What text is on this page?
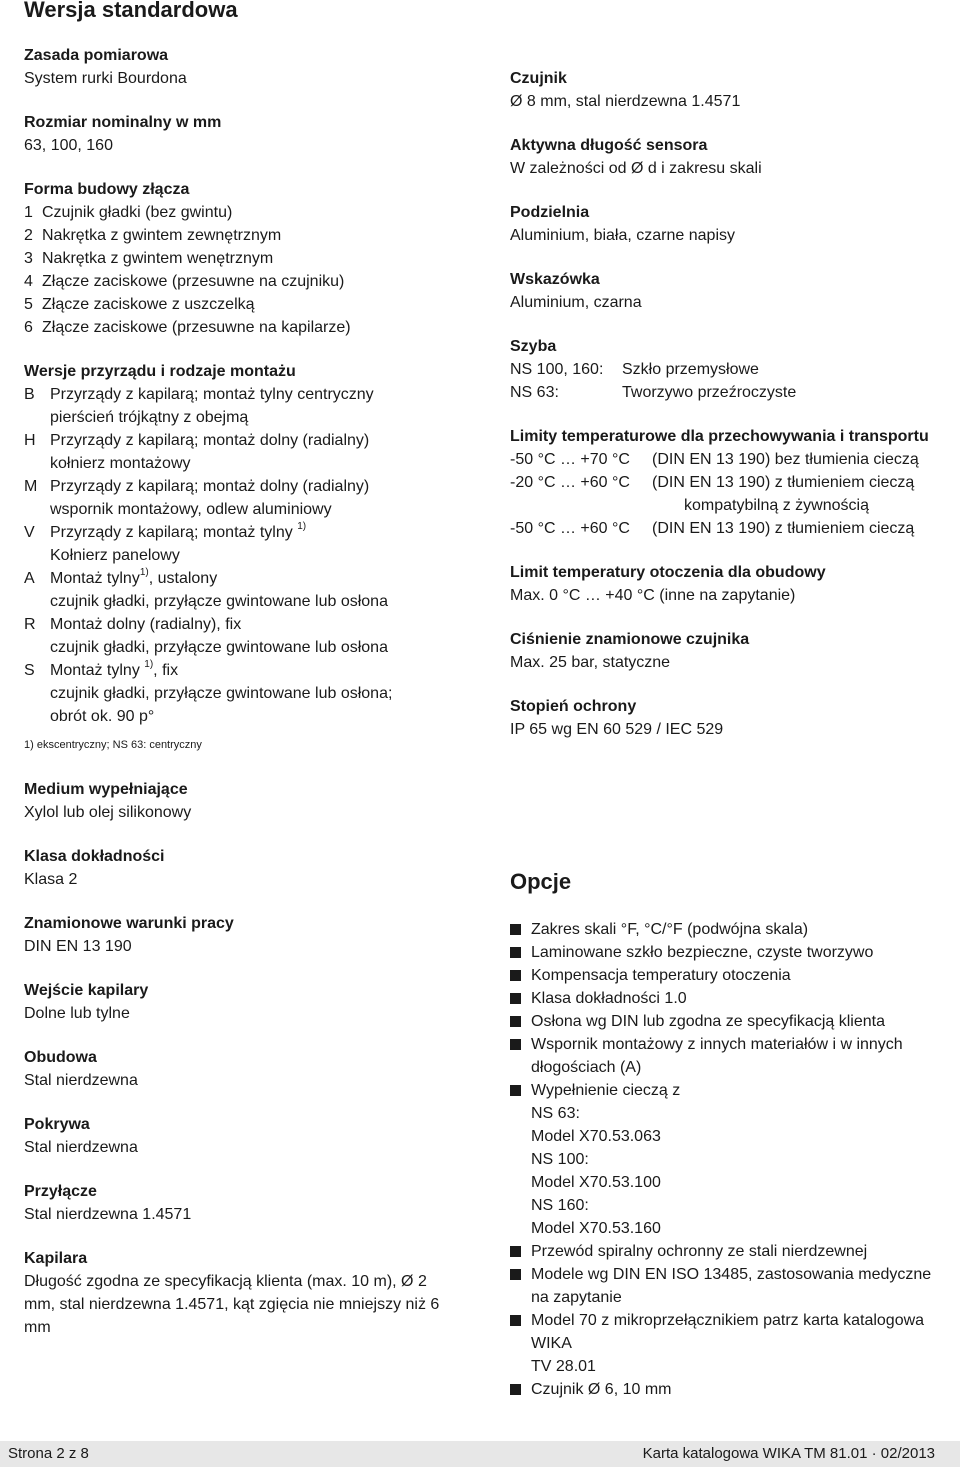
Wersja standardowa
Zasada pomiarowa
System rurki Bourdona
Rozmiar nominalny w mm
63, 100, 160
Forma budowy złącza
1 Czujnik gładki (bez gwintu)
2 Nakrętka z gwintem zewnętrznym
3 Nakrętka z gwintem wenętrznym
4 Złącze zaciskowe (przesuwne na czujniku)
5 Złącze zaciskowe z uszczelką
6 Złącze zaciskowe (przesuwne na kapilarze)
Wersje przyrządu i rodzaje montażu
B Przyrządy z kapilarą; montaż tylny centryczny
pierścień trójkątny z obejmą
H Przyrządy z kapilarą; montaż dolny (radialny)
kołnierz montażowy
M Przyrządy z kapilarą; montaż dolny (radialny)
wspornik montażowy, odlew aluminiowy
V Przyrządy z kapilarą; montaż tylny $^{1)}$
Kołnierz panelowy
A Montaż tylny$^{1)}$, ustalony
czujnik gładki, przyłącze gwintowane lub osłona
R Montaż dolny (radialny), fix
czujnik gładki, przyłącze gwintowane lub osłona
S Montaż tylny $^{1)}$, fix
czujnik gładki, przyłącze gwintowane lub osłona;
obrót ok. 90 p°
1) ekscentryczny; NS 63: centryczny
Czujnik
Ø 8 mm, stal nierdzewna 1.4571
Aktywna długość sensora
W zależności od Ø d i zakresu skali
Podzielnia
Aluminium, biała, czarne napisy
Wskazówka
Aluminium, czarna
Szyba
NS 100, 160:	Szkło przemysłowe
NS 63:	Tworzywo przeźroczyste
Limity temperaturowe dla przechowywania i transportu
-50 °C … +70 °C	(DIN EN 13 190) bez tłumienia cieczą
-20 °C … +60 °C	(DIN EN 13 190) z tłumieniem cieczą
kompatybilną z żywnością
-50 °C … +60 °C	(DIN EN 13 190) z tłumieniem cieczą
Limit temperatury otoczenia dla obudowy
Max. 0 °C … +40 °C (inne na zapytanie)
Ciśnienie znamionowe czujnika
Max. 25 bar, statyczne
Stopień ochrony
IP 65 wg EN 60 529 / IEC 529
Medium wypełniające
Xylol lub olej silikonowy
Klasa dokładności
Klasa 2
Znamionowe warunki pracy
DIN EN 13 190
Wejście kapilary
Dolne lub tylne
Obudowa
Stal nierdzewna
Pokrywa
Stal nierdzewna
Przyłącze
Stal nierdzewna 1.4571
Kapilara
Długość zgodna ze specyfikacją klienta (max. 10 m), Ø 2
mm, stal nierdzewna 1.4571, kąt zgięcia nie mniejszy niż 6
mm
Opcje
Zakres skali °F, °C/°F (podwójna skala)
Laminowane szkło bezpieczne, czyste tworzywo
Kompensacja temperatury otoczenia
Klasa dokładności 1.0
Osłona wg DIN lub zgodna ze specyfikacją klienta
Wspornik montażowy z innych materiałów i w innych
dłogościach (A)
Wypełnienie cieczą z
NS 63:
Model X70.53.063
NS 100:
Model X70.53.100
NS 160:
Model X70.53.160
Przewód spiralny ochronny ze stali nierdzewnej
Modele wg DIN EN ISO 13485, zastosowania medyczne
na zapytanie
Model 70 z mikroprzełącznikiem patrz karta katalogowa
WIKA
TV 28.01
Czujnik Ø 6, 10 mm
Strona 2 z 8	Karta katalogowa WIKA TM 81.01 · 02/2013
